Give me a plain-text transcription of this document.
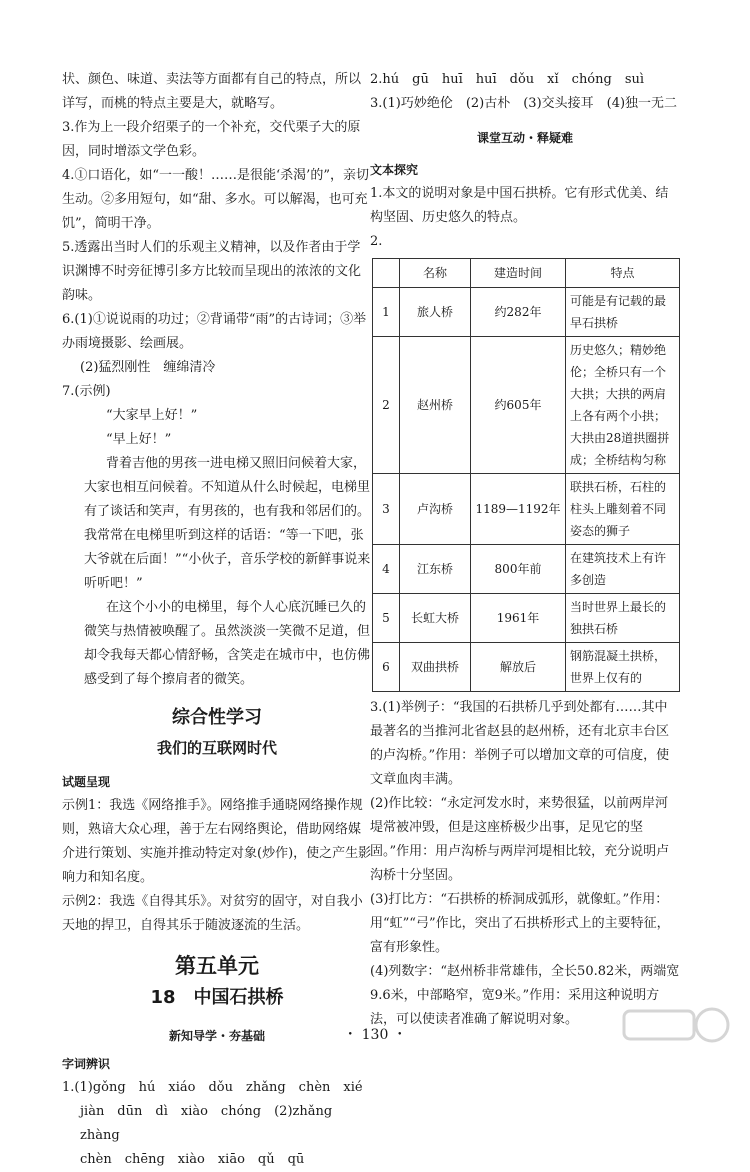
状、颜色、味道、卖法等方面都有自己的特点，所以详写，而桃的特点主要是大，就略写。

3.作为上一段介绍栗子的一个补充，交代栗子大的原因，同时增添文学色彩。

4.①口语化，如“一一酸！……是很能‘杀渴’的”，亲切生动。②多用短句，如“甜、多水。可以解渴，也可充饥”，简明干净。

5.透露出当时人们的乐观主义精神，以及作者由于学识渊博不时旁征博引多方比较而呈现出的浓浓的文化韵味。

6.(1)①说说雨的功过；②背诵带“雨”的古诗词；③举办雨境摄影、绘画展。

(2)猛烈刚性　缠绵清冷

7.(示例)

“大家早上好！”

“早上好！”

背着吉他的男孩一进电梯又照旧问候着大家，大家也相互问候着。不知道从什么时候起，电梯里有了谈话和笑声，有男孩的，也有我和邻居们的。我常常在电梯里听到这样的话语：“等一下吧，张大爷就在后面！”“小伙子，音乐学校的新鲜事说来听听吧！”

在这个小小的电梯里，每个人心底沉睡已久的微笑与热情被唤醒了。虽然淡淡一笑微不足道，但却令我每天都心情舒畅，含笑走在城市中，也仿佛感受到了每个擦肩者的微笑。

综合性学习

我们的互联网时代

试题呈现

示例1：我选《网络推手》。网络推手通晓网络操作规则，熟谙大众心理，善于左右网络舆论，借助网络媒介进行策划、实施并推动特定对象(炒作)，使之产生影响力和知名度。

示例2：我选《自得其乐》。对贫穷的固守，对自我小天地的捍卫，自得其乐于随波逐流的生活。

第五单元

18　中国石拱桥

新知导学・夯基础

字词辨识

1.(1)gǒng　hú　xiáo　dǒu　zhǎng　chèn　xié

jiàn　dūn　dì　xiào　chóng　(2)zhǎng　zhàng

chèn　chēng　xiào　xiāo　qǔ　qū

2.hú　gū　huī　huī　dǒu　xǐ　chóng　suì

3.(1)巧妙绝伦　(2)古朴　(3)交头接耳　(4)独一无二

课堂互动・释疑难

文本探究

1.本文的说明对象是中国石拱桥。它有形式优美、结构坚固、历史悠久的特点。

2.

	名称	建造时间	特点
1	旅人桥	约282年	可能是有记载的最早石拱桥
2	赵州桥	约605年	历史悠久；精妙绝伦；全桥只有一个大拱；大拱的两肩上各有两个小拱；大拱由28道拱圈拼成；全桥结构匀称
3	卢沟桥	1189—1192年	联拱石桥，石柱的柱头上雕刻着不同姿态的狮子
4	江东桥	800年前	在建筑技术上有许多创造
5	长虹大桥	1961年	当时世界上最长的独拱石桥
6	双曲拱桥	解放后	钢筋混凝土拱桥，世界上仅有的

3.(1)举例子：“我国的石拱桥几乎到处都有……其中最著名的当推河北省赵县的赵州桥，还有北京丰台区的卢沟桥。”作用：举例子可以增加文章的可信度，使文章血肉丰满。

(2)作比较：“永定河发水时，来势很猛，以前两岸河堤常被冲毁，但是这座桥极少出事，足见它的坚固。”作用：用卢沟桥与两岸河堤相比较，充分说明卢沟桥十分坚固。

(3)打比方：“石拱桥的桥洞成弧形，就像虹。”作用：用“虹”“弓”作比，突出了石拱桥形式上的主要特征，富有形象性。

(4)列数字：“赵州桥非常雄伟，全长50.82米，两端宽9.6米，中部略窄，宽9米。”作用：采用这种说明方法，可以使读者准确了解说明对象。

・ 130 ・
